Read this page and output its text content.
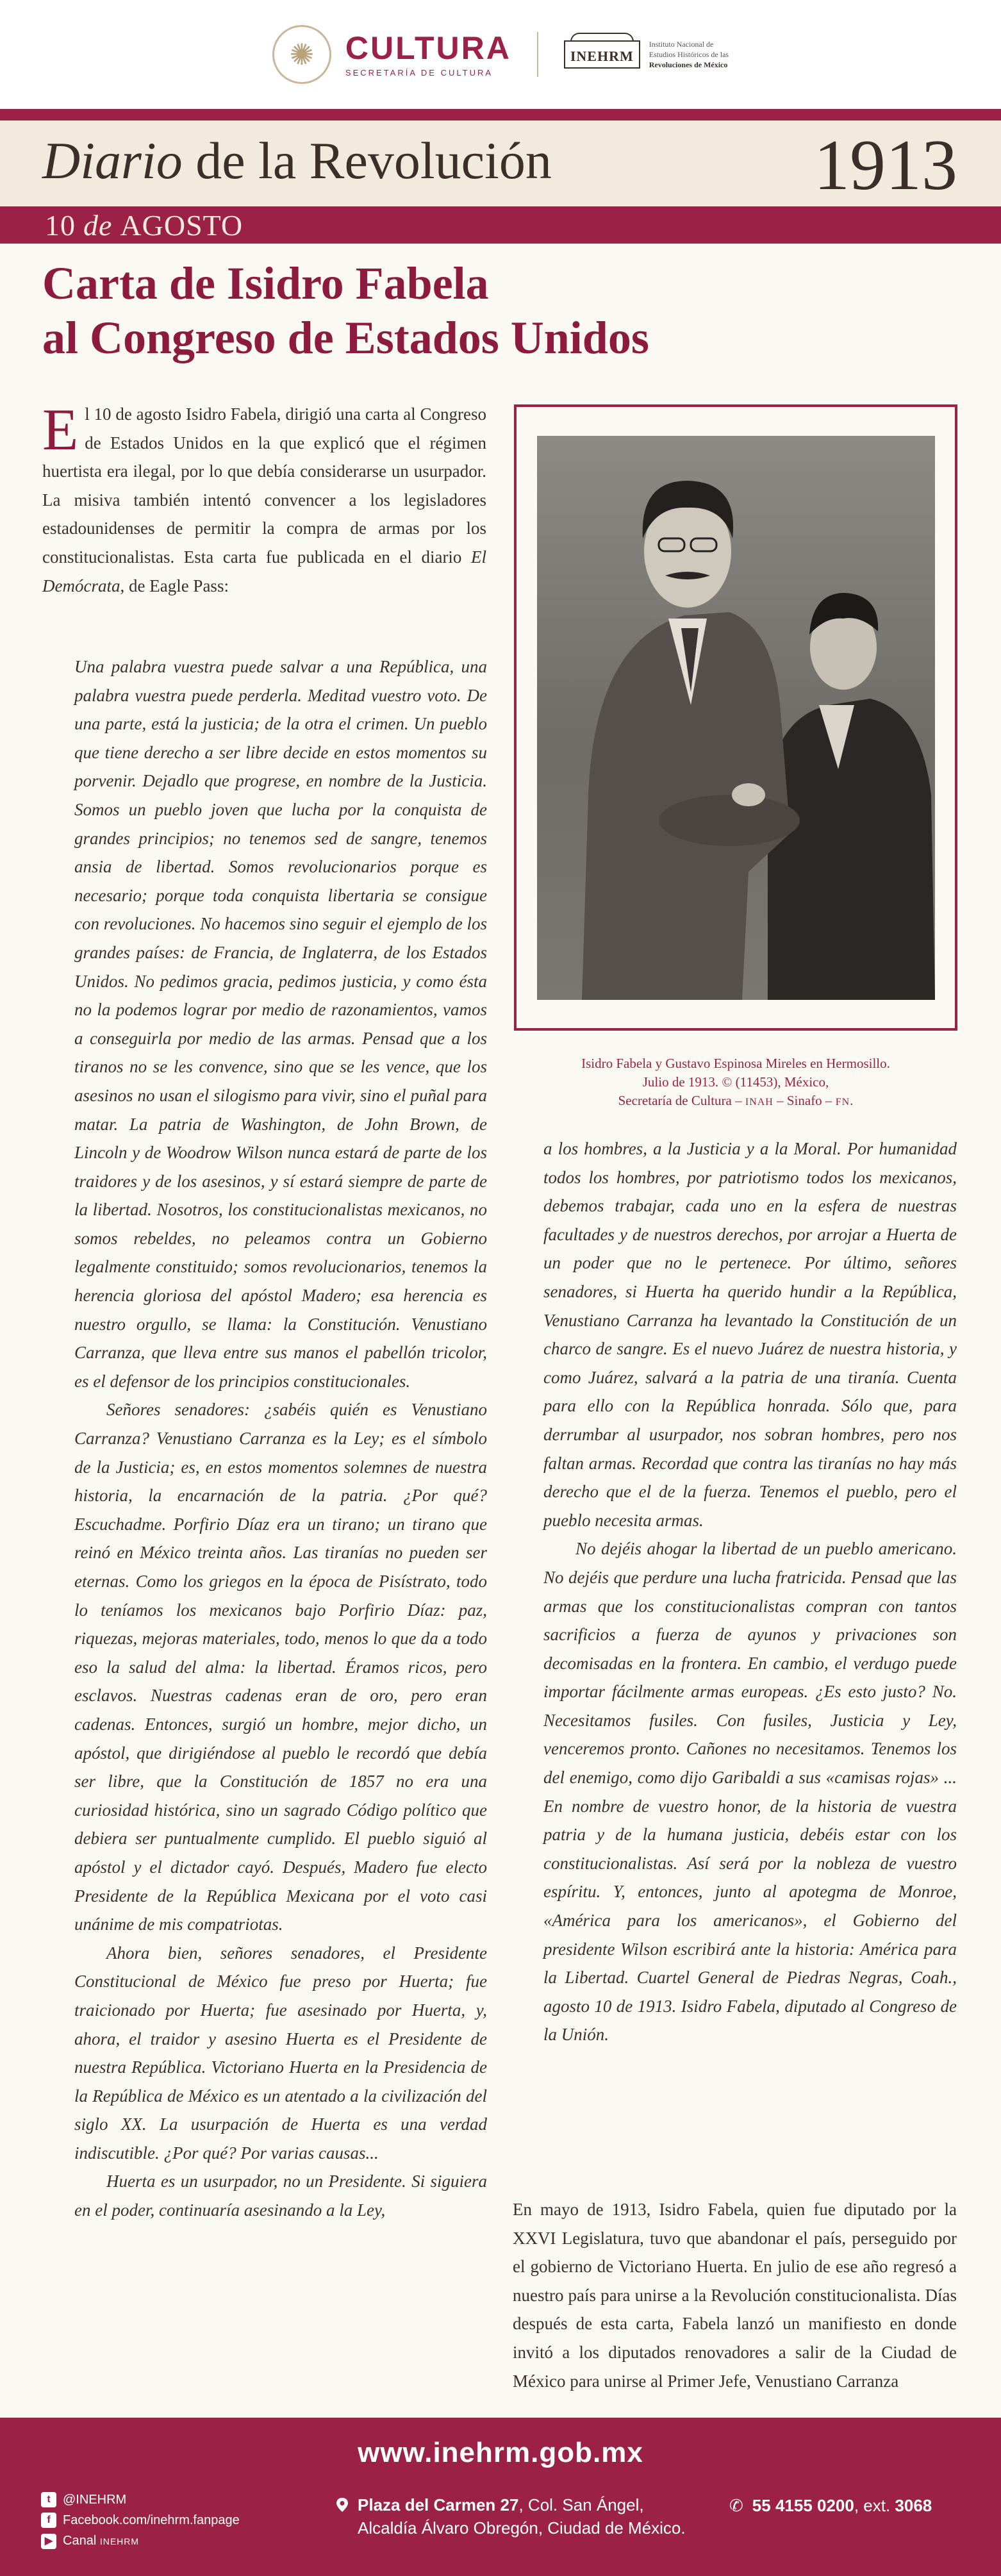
✺ CULTURA
SECRETARÍA DE CULTURA
INEHRM
Instituto Nacional de
Estudios Históricos de las
Revoluciones de México
Diario de la Revolución	1913
10 de AGOSTO
Carta de Isidro Fabela
al Congreso de Estados Unidos
El 10 de agosto Isidro Fabela, dirigió una carta al Congreso de Estados Unidos en la que explicó que el régimen huertista era ilegal, por lo que debía considerarse un usurpador. La misiva también intentó convencer a los legisladores estadounidenses de permitir la compra de armas por los constitucionalistas. Esta carta fue publicada en el diario El Demócrata, de Eagle Pass:

Una palabra vuestra puede salvar a una República, una palabra vuestra puede perderla. Meditad vuestro voto. De una parte, está la justicia; de la otra el crimen. Un pueblo que tiene derecho a ser libre decide en estos momentos su porvenir. Dejadlo que progrese, en nombre de la Justicia. Somos un pueblo joven que lucha por la conquista de grandes principios; no tenemos sed de sangre, tenemos ansia de libertad. Somos revolucionarios porque es necesario; porque toda conquista libertaria se consigue con revoluciones. No hacemos sino seguir el ejemplo de los grandes países: de Francia, de Inglaterra, de los Estados Unidos. No pedimos gracia, pedimos justicia, y como ésta no la podemos lograr por medio de razonamientos, vamos a conseguirla por medio de las armas. Pensad que a los tiranos no se les convence, sino que se les vence, que los asesinos no usan el silogismo para vivir, sino el puñal para matar. La patria de Washington, de John Brown, de Lincoln y de Woodrow Wilson nunca estará de parte de los traidores y de los asesinos, y sí estará siempre de parte de la libertad. Nosotros, los constitucionalistas mexicanos, no somos rebeldes, no peleamos contra un Gobierno legalmente constituido; somos revolucionarios, tenemos la herencia gloriosa del apóstol Madero; esa herencia es nuestro orgullo, se llama: la Constitución. Venustiano Carranza, que lleva entre sus manos el pabellón tricolor, es el defensor de los principios constitucionales.

Señores senadores: ¿sabéis quién es Venustiano Carranza? Venustiano Carranza es la Ley; es el símbolo de la Justicia; es, en estos momentos solemnes de nuestra historia, la encarnación de la patria. ¿Por qué? Escuchadme. Porfirio Díaz era un tirano; un tirano que reinó en México treinta años. Las tiranías no pueden ser eternas. Como los griegos en la época de Pisístrato, todo lo teníamos los mexicanos bajo Porfirio Díaz: paz, riquezas, mejoras materiales, todo, menos lo que da a todo eso la salud del alma: la libertad. Éramos ricos, pero esclavos. Nuestras cadenas eran de oro, pero eran cadenas. Entonces, surgió un hombre, mejor dicho, un apóstol, que dirigiéndose al pueblo le recordó que debía ser libre, que la Constitución de 1857 no era una curiosidad histórica, sino un sagrado Código político que debiera ser puntualmente cumplido. El pueblo siguió al apóstol y el dictador cayó. Después, Madero fue electo Presidente de la República Mexicana por el voto casi unánime de mis compatriotas.

Ahora bien, señores senadores, el Presidente Constitucional de México fue preso por Huerta; fue traicionado por Huerta; fue asesinado por Huerta, y, ahora, el traidor y asesino Huerta es el Presidente de nuestra República. Victoriano Huerta en la Presidencia de la República de México es un atentado a la civilización del siglo XX. La usurpación de Huerta es una verdad indiscutible. ¿Por qué? Por varias causas...

Huerta es un usurpador, no un Presidente. Si siguiera en el poder, continuaría asesinando a la Ley,

Isidro Fabela y Gustavo Espinosa Mireles en Hermosillo.
Julio de 1913. © (11453), México,
Secretaría de Cultura – INAH – Sinafo – FN.

a los hombres, a la Justicia y a la Moral. Por humanidad todos los hombres, por patriotismo todos los mexicanos, debemos trabajar, cada uno en la esfera de nuestras facultades y de nuestros derechos, por arrojar a Huerta de un poder que no le pertenece. Por último, señores senadores, si Huerta ha querido hundir a la República, Venustiano Carranza ha levantado la Constitución de un charco de sangre. Es el nuevo Juárez de nuestra historia, y como Juárez, salvará a la patria de una tiranía. Cuenta para ello con la República honrada. Sólo que, para derrumbar al usurpador, nos sobran hombres, pero nos faltan armas. Recordad que contra las tiranías no hay más derecho que el de la fuerza. Tenemos el pueblo, pero el pueblo necesita armas.

No dejéis ahogar la libertad de un pueblo americano. No dejéis que perdure una lucha fratricida. Pensad que las armas que los constitucionalistas compran con tantos sacrificios a fuerza de ayunos y privaciones son decomisadas en la frontera. En cambio, el verdugo puede importar fácilmente armas europeas. ¿Es esto justo? No. Necesitamos fusiles. Con fusiles, Justicia y Ley, venceremos pronto. Cañones no necesitamos. Tenemos los del enemigo, como dijo Garibaldi a sus «camisas rojas» ... En nombre de vuestro honor, de la historia de vuestra patria y de la humana justicia, debéis estar con los constitucionalistas. Así será por la nobleza de vuestro espíritu. Y, entonces, junto al apotegma de Monroe, «América para los americanos», el Gobierno del presidente Wilson escribirá ante la historia: América para la Libertad. Cuartel General de Piedras Negras, Coah., agosto 10 de 1913. Isidro Fabela, diputado al Congreso de la Unión.

En mayo de 1913, Isidro Fabela, quien fue diputado por la XXVI Legislatura, tuvo que abandonar el país, perseguido por el gobierno de Victoriano Huerta. En julio de ese año regresó a nuestro país para unirse a la Revolución constitucionalista. Días después de esta carta, Fabela lanzó un manifiesto en donde invitó a los diputados renovadores a salir de la Ciudad de México para unirse al Primer Jefe, Venustiano Carranza
www.inehrm.gob.mx
t @INEHRM
f Facebook.com/inehrm.fanpage
▶ Canal INEHRM
Plaza del Carmen 27, Col. San Ángel,
Alcaldía Álvaro Obregón, Ciudad de México.
✆ 55 4155 0200, ext. 3068
